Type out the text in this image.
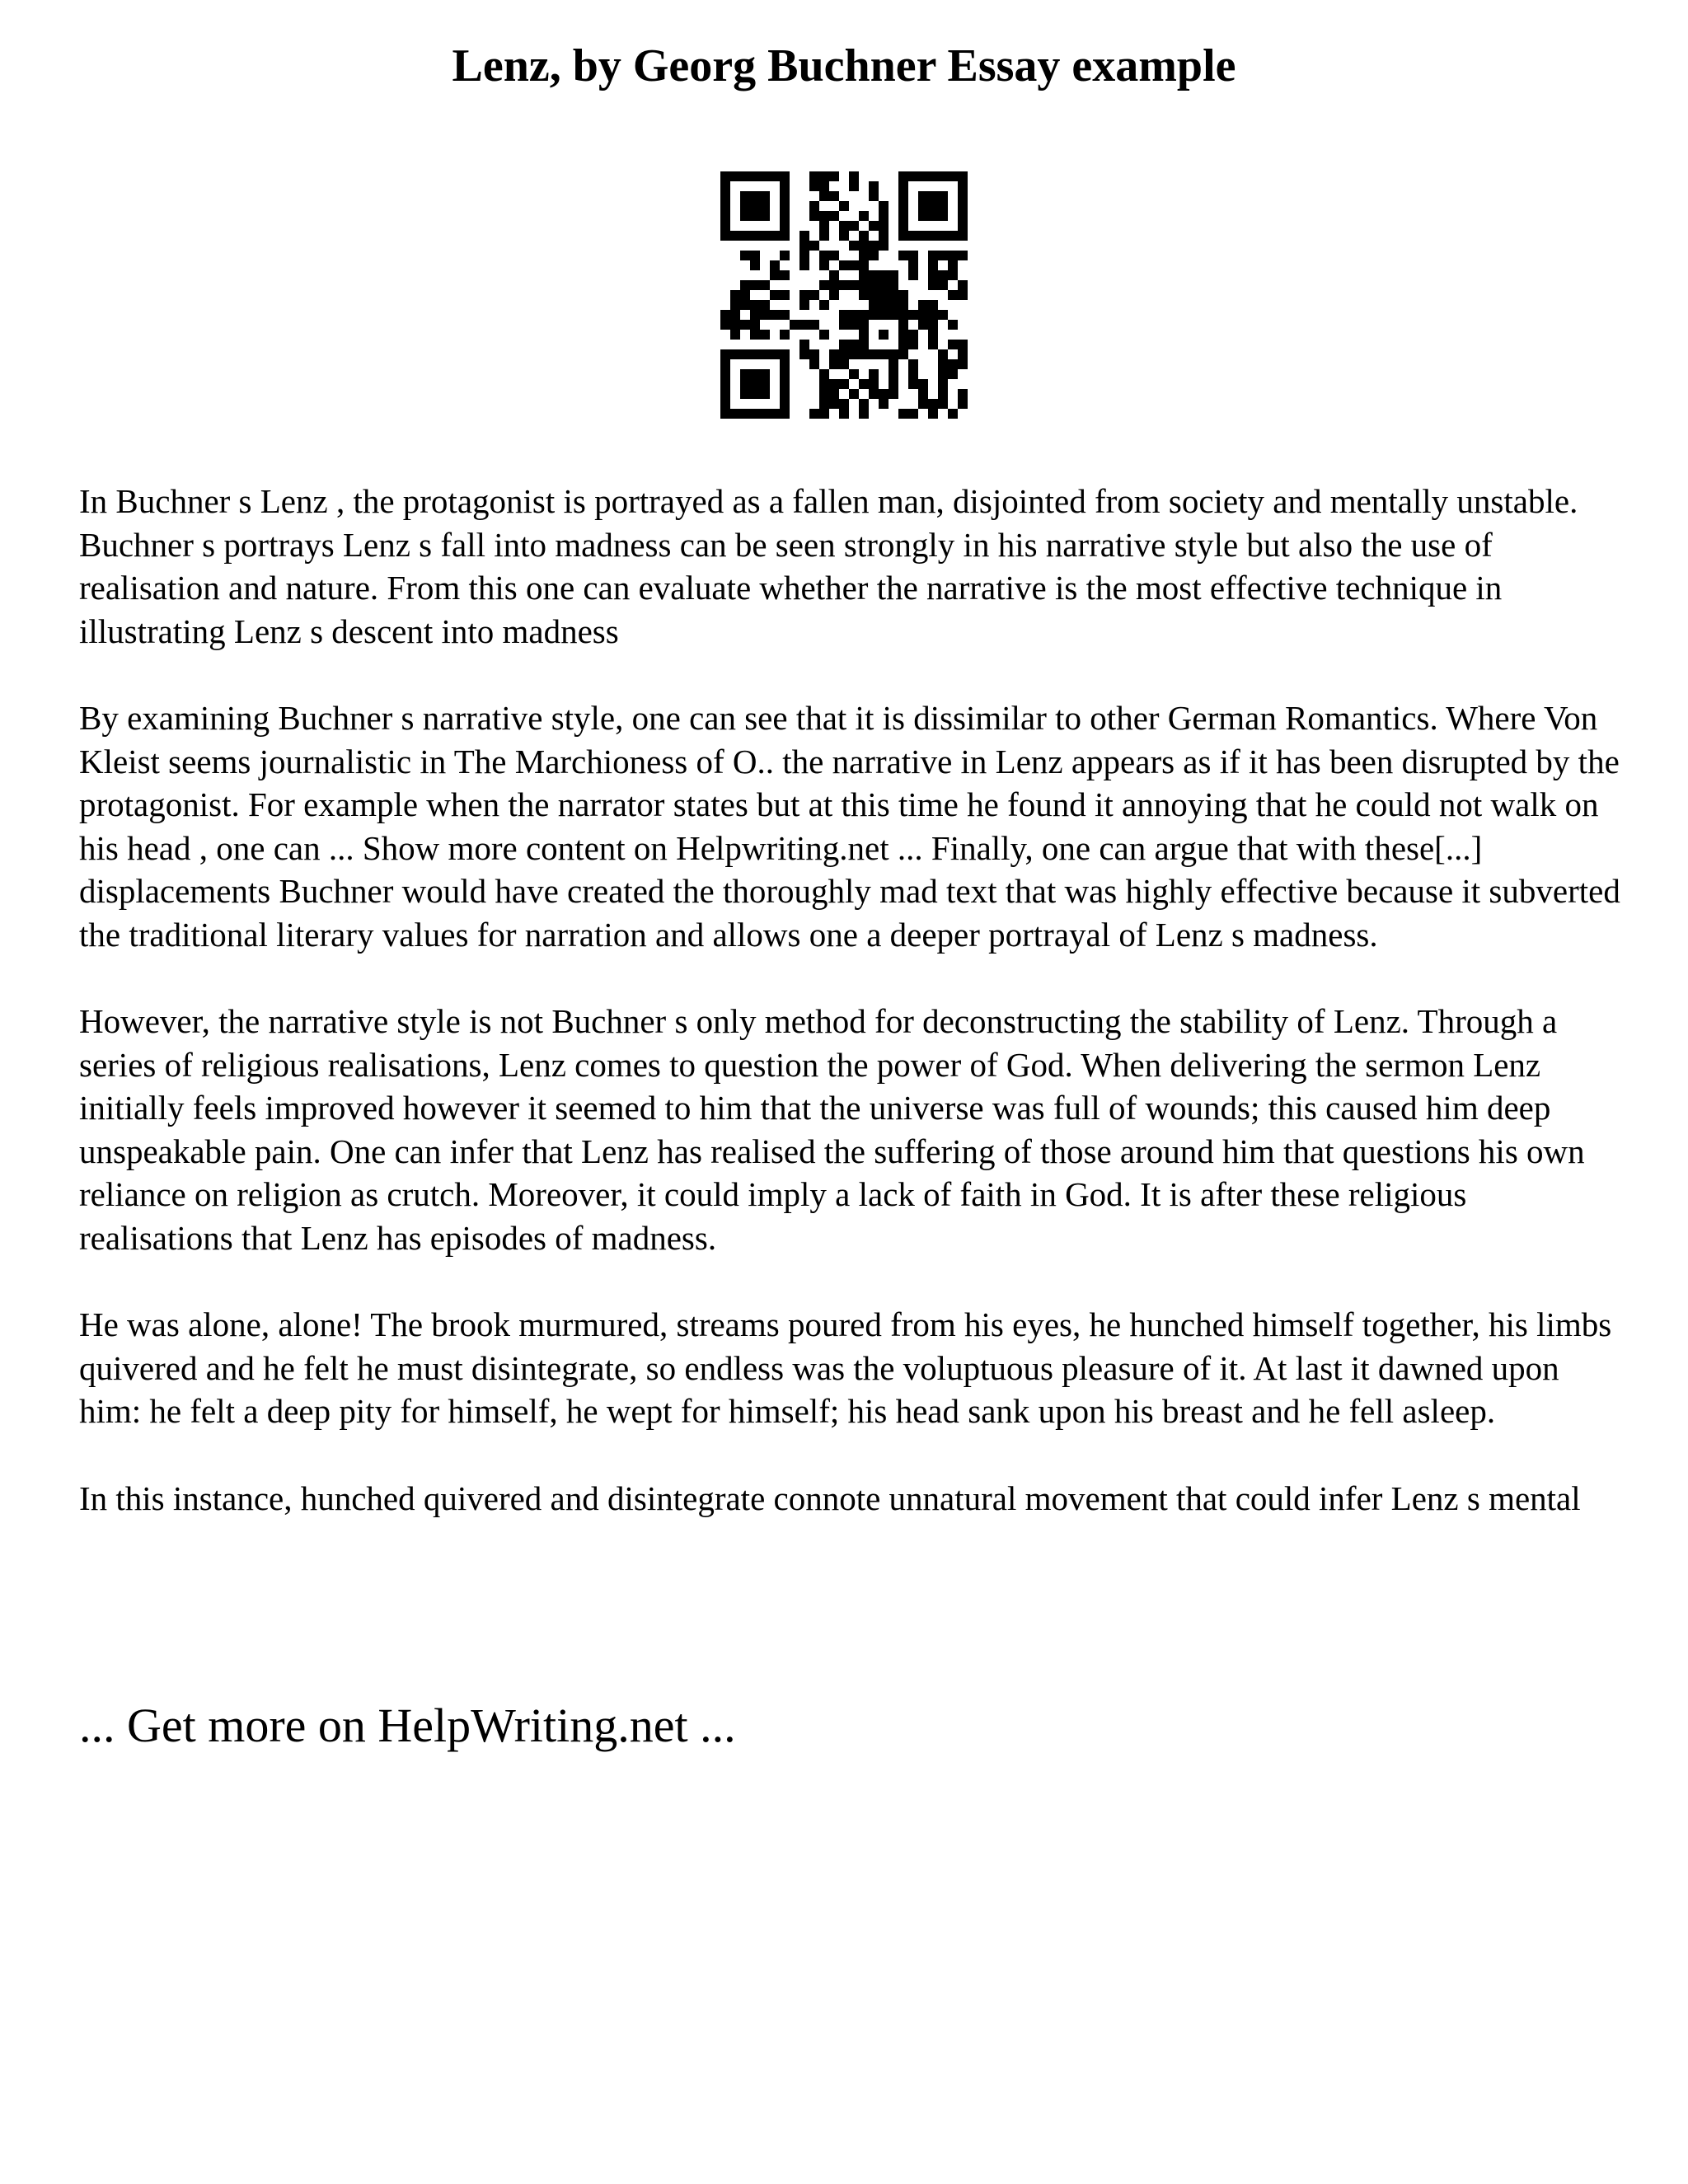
Lenz, by Georg Buchner Essay example

In Buchner s Lenz , the protagonist is portrayed as a fallen man, disjointed from society and mentally unstable. Buchner s portrays Lenz s fall into madness can be seen strongly in his narrative style but also the use of realisation and nature. From this one can evaluate whether the narrative is the most effective technique in illustrating Lenz s descent into madness

By examining Buchner s narrative style, one can see that it is dissimilar to other German Romantics. Where Von Kleist seems journalistic in The Marchioness of O.. the narrative in Lenz appears as if it has been disrupted by the protagonist. For example when the narrator states but at this time he found it annoying that he could not walk on his head , one can ... Show more content on Helpwriting.net ... Finally, one can argue that with these[...] displacements Buchner would have created the thoroughly mad text that was highly effective because it subverted the traditional literary values for narration and allows one a deeper portrayal of Lenz s madness.

However, the narrative style is not Buchner s only method for deconstructing the stability of Lenz. Through a series of religious realisations, Lenz comes to question the power of God. When delivering the sermon Lenz initially feels improved however it seemed to him that the universe was full of wounds; this caused him deep unspeakable pain. One can infer that Lenz has realised the suffering of those around him that questions his own reliance on religion as crutch. Moreover, it could imply a lack of faith in God. It is after these religious realisations that Lenz has episodes of madness.

He was alone, alone! The brook murmured, streams poured from his eyes, he hunched himself together, his limbs quivered and he felt he must disintegrate, so endless was the voluptuous pleasure of it. At last it dawned upon him: he felt a deep pity for himself, he wept for himself; his head sank upon his breast and he fell asleep.

In this instance, hunched quivered and disintegrate connote unnatural movement that could infer Lenz s mental

... Get more on HelpWriting.net ...
